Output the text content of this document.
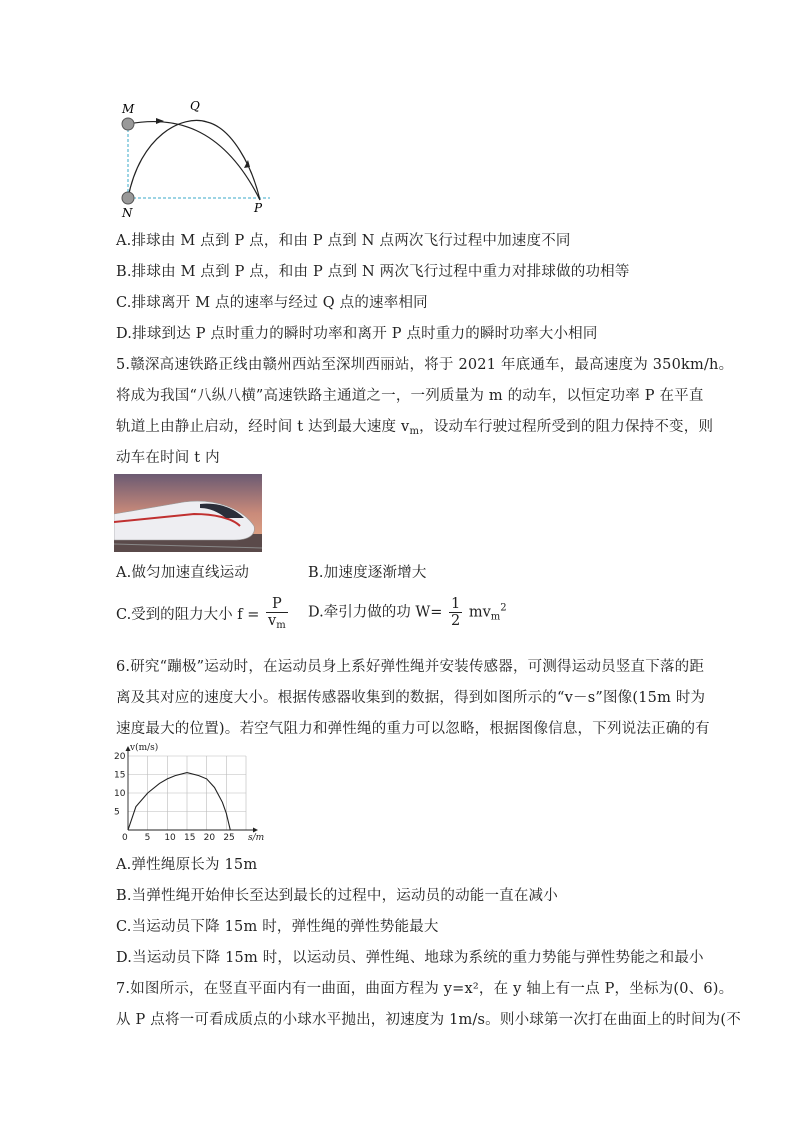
M	Q
N	P
A.排球由 M 点到 P 点，和由 P 点到 N 点两次飞行过程中加速度不同
B.排球由 M 点到 P 点，和由 P 点到 N 两次飞行过程中重力对排球做的功相等
C.排球离开 M 点的速率与经过 Q 点的速率相同
D.排球到达 P 点时重力的瞬时功率和离开 P 点时重力的瞬时功率大小相同
5.赣深高速铁路正线由赣州西站至深圳西丽站，将于 2021 年底通车，最高速度为 350km/h。
将成为我国“八纵八横”高速铁路主通道之一，一列质量为 m 的动车，以恒定功率 P 在平直
轨道上由静止启动，经时间 t 达到最大速度 $v_m$，设动车行驶过程所受到的阻力保持不变，则
动车在时间 t 内
A.做匀加速直线运动	B.加速度逐渐增大
C.受到的阻力大小 $f = \frac{P}{v_m} D$.牵引力做的功 $W= \frac{1}{2} mv_m^2$
6.研究“蹦极”运动时，在运动员身上系好弹性绳并安装传感器，可测得运动员竖直下落的距
离及其对应的速度大小。根据传感器收集到的数据，得到如图所示的“v－s”图像(15m 时为
速度最大的位置)。若空气阻力和弹性绳的重力可以忽略，根据图像信息，下列说法正确的有
0 5 10 15 20 25
5
10
15
20
s/m
v(m/s)
A.弹性绳原长为 15m
B.当弹性绳开始伸长至达到最长的过程中，运动员的动能一直在减小
C.当运动员下降 15m 时，弹性绳的弹性势能最大
D.当运动员下降 15m 时，以运动员、弹性绳、地球为系统的重力势能与弹性势能之和最小
7.如图所示，在竖直平面内有一曲面，曲面方程为 y=x²，在 y 轴上有一点 P，坐标为(0、6)。
从 P 点将一可看成质点的小球水平抛出，初速度为 1m/s。则小球第一次打在曲面上的时间为(不
